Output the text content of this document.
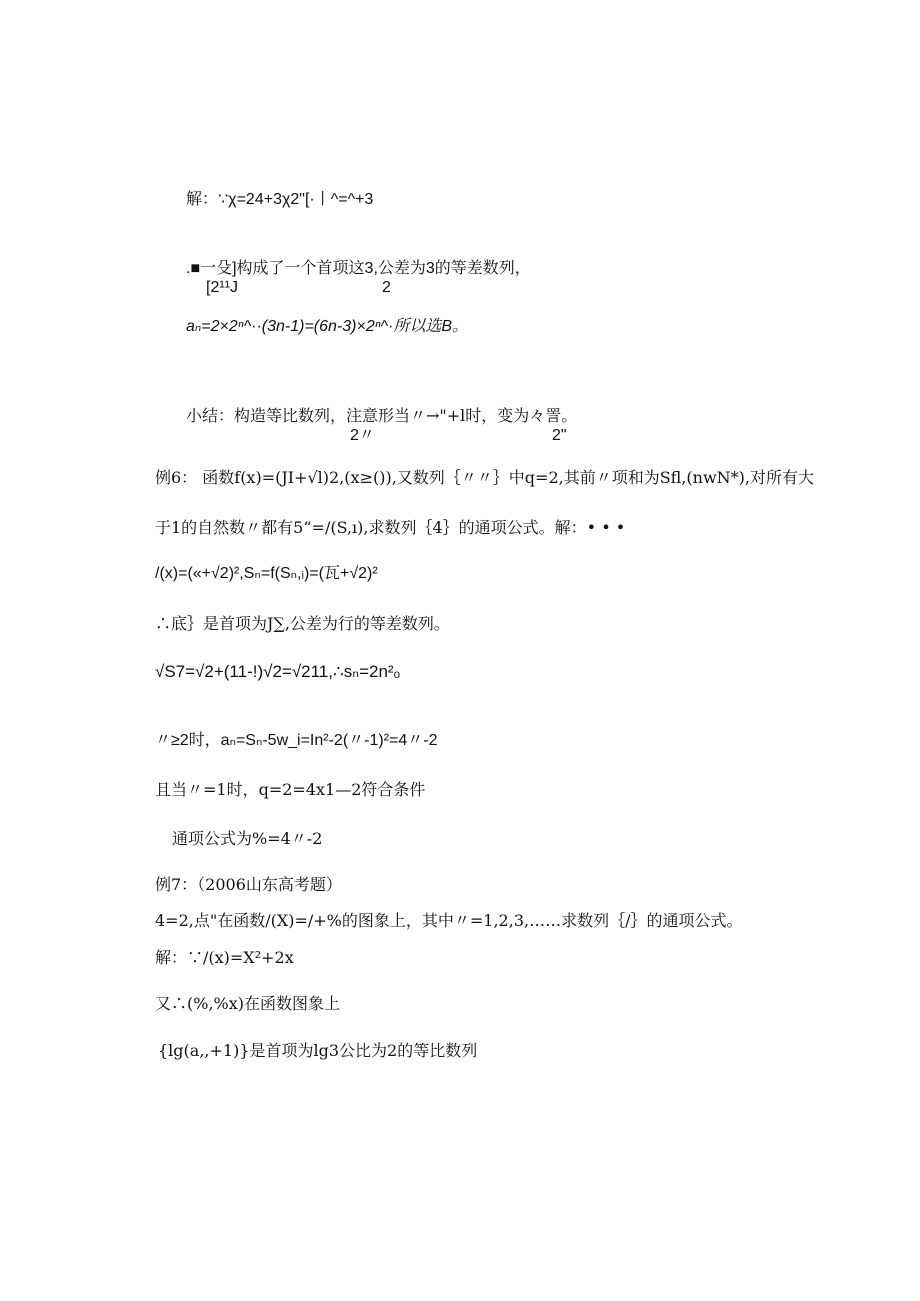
解：∵χ=24+3χ2"[·丨^=^+3
.■一殳]构成了一个首项这3,公差为3的等差数列，
[2¹¹J	2
aₙ=2×2ⁿ^··(3n-1)=(6n-3)×2ⁿ^·所以选B。
小结：构造等比数列，注意形当〃→"+l时，变为々詈。
2〃	2"
例6： 函数f(x)=(JI+√l)2,(x≥()),又数列｛〃〃｝中q=2,其前〃项和为Sfl,(nwN*),对所有大
于1的自然数〃都有5“=/(S,ı),求数列｛4｝的通项公式。解：• • •
/(x)=(«+√2)²,Sₙ=f(Sₙ,ᵢ)=(瓦+√2)²
∴底｝是首项为J∑,公差为行的等差数列。
√S7=√2+(11-!)√2=√211,∴sₙ=2n²ₒ
〃≥2时，aₙ=Sₙ-5w_i=In²-2(〃-1)²=4〃-2
且当〃=1时，q=2=4x1—2符合条件
通项公式为%=4〃-2
例7：（2006山东高考题）
4=2,点"在函数/(X)=/+%的图象上，其中〃=1,2,3,……求数列｛/｝的通项公式。
解：∵/(x)=X²+2x
又∴(%,%x)在函数图象上
{lg(a,,+1)}是首项为lg3公比为2的等比数列
